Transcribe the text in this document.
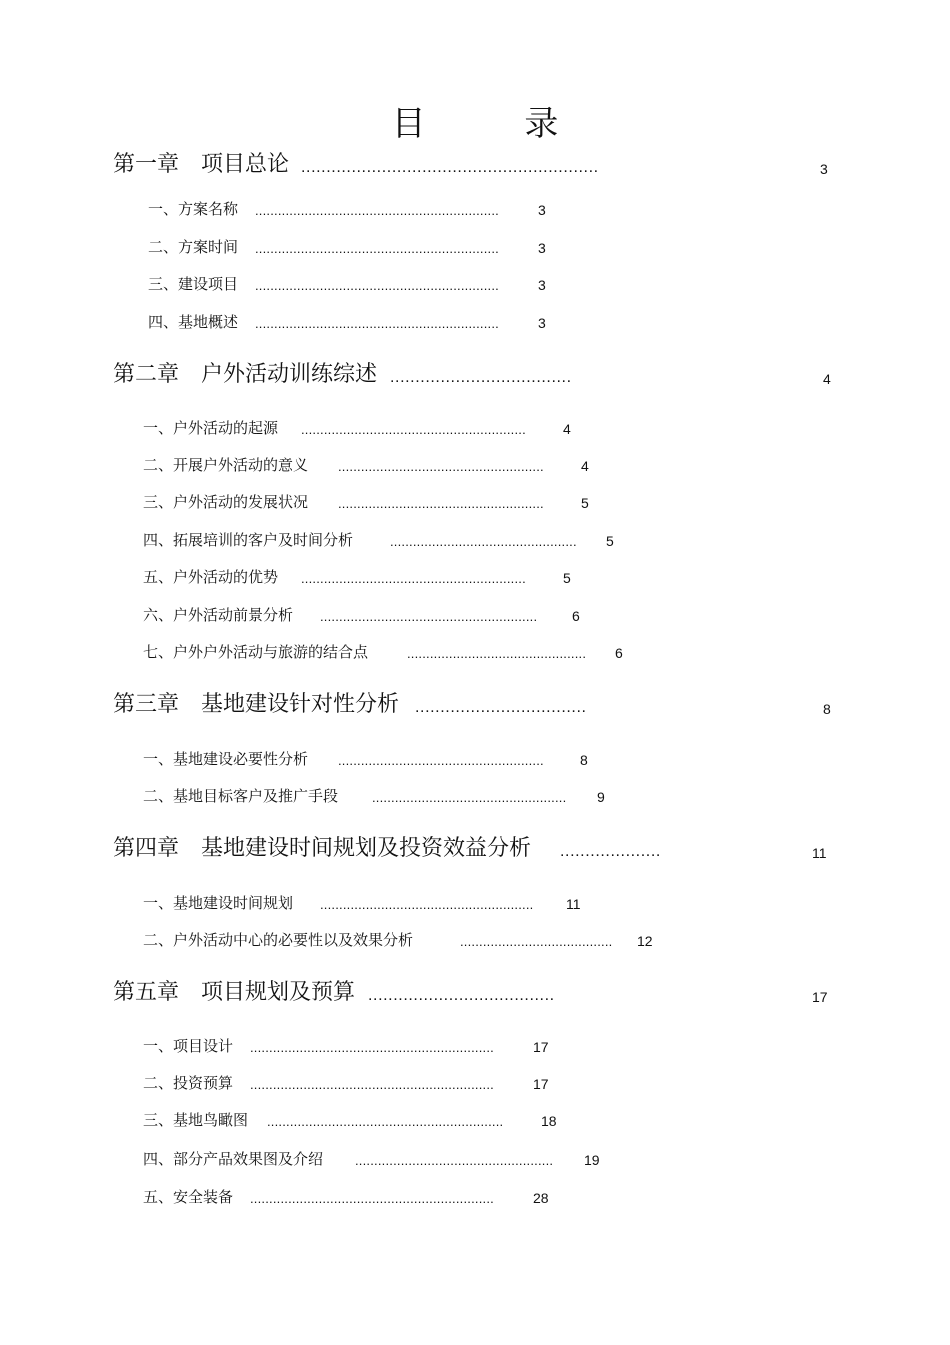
目 录
第一章　项目总论 ...........................................................	3
一、方案名称 ................................................................	3
二、方案时间 ................................................................	3
三、建设项目 ................................................................	3
四、基地概述 ................................................................	3
第二章　户外活动训练综述 ....................................	4
一、户外活动的起源 ...........................................................	4
二、开展户外活动的意义 ......................................................	4
三、户外活动的发展状况 ......................................................	5
四、拓展培训的客户及时间分析	.................................................	5
五、户外活动的优势 ...........................................................	5
六、户外活动前景分析 .........................................................	6
七、户外户外活动与旅游的结合点	...............................................	6
第三章　基地建设针对性分析 ..................................	8
一、基地建设必要性分析 ......................................................	8
二、基地目标客户及推广手段	...................................................	9
第四章　基地建设时间规划及投资效益分析 ....................	11
一、基地建设时间规划 ........................................................	11
二、户外活动中心的必要性以及效果分析	........................................	12
第五章　项目规划及预算 .....................................	17
一、项目设计 ................................................................	17
二、投资预算 ................................................................	17
三、基地鸟瞰图 ..............................................................	18
四、部分产品效果图及介绍 ....................................................	19
五、安全装备 ................................................................	28
